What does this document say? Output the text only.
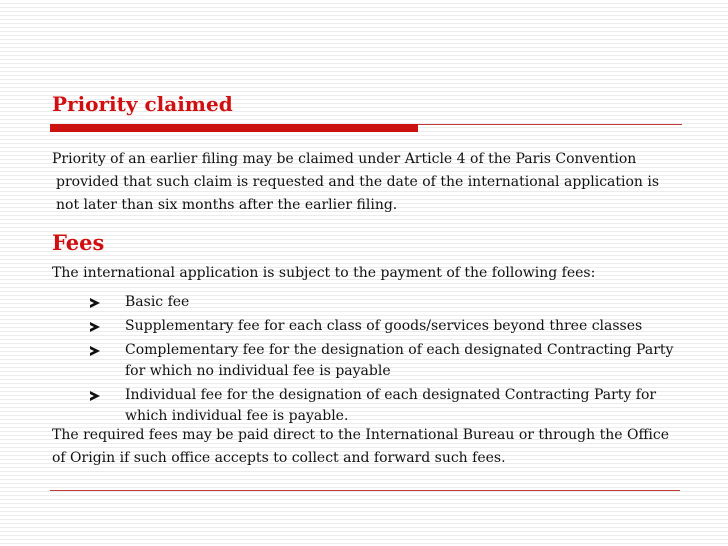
Priority claimed

Priority of an earlier filing may be claimed under Article 4 of the Paris Convention

provided that such claim is requested and the date of the international application is
not later than six months after the earlier filing.

Fees

The international application is subject to the payment of the following fees:

Basic fee
Supplementary fee for each class of goods/services beyond three classes
Complementary fee for the designation of each designated Contracting Party
for which no individual fee is payable
Individual fee for the designation of each designated Contracting Party for
which individual fee is payable.

The required fees may be paid direct to the International Bureau or through the Office
of Origin if such office accepts to collect and forward such fees.
